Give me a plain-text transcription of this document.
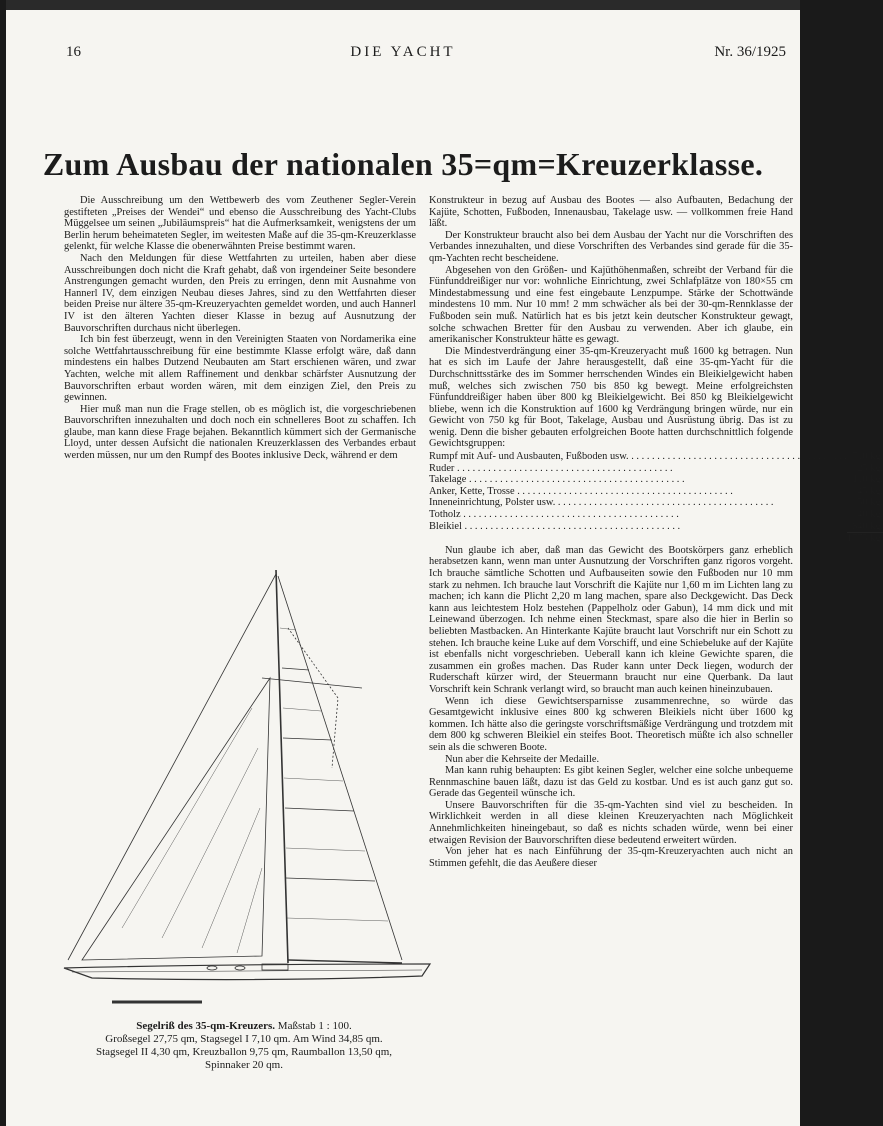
16	DIE YACHT	Nr. 36/1925
Zum Ausbau der nationalen 35=qm=Kreuzerklasse.

Die Ausschreibung um den Wettbewerb des vom Zeuthener Segler-Verein gestifteten „Preises der Wendei“ und ebenso die Ausschreibung des Yacht-Clubs Müggelsee um seinen „Jubiläumspreis“ hat die Aufmerksamkeit, wenigstens der um Berlin herum beheimateten Segler, im weitesten Maße auf die 35-qm-Kreuzerklasse gelenkt, für welche Klasse die obenerwähnten Preise bestimmt waren.

Nach den Meldungen für diese Wettfahrten zu urteilen, haben aber diese Ausschreibungen doch nicht die Kraft gehabt, daß von irgendeiner Seite besondere Anstrengungen gemacht wurden, den Preis zu erringen, denn mit Ausnahme von Hannerl IV, dem einzigen Neubau dieses Jahres, sind zu den Wettfahrten dieser beiden Preise nur ältere 35-qm-Kreuzeryachten gemeldet worden, und auch Hannerl IV ist den älteren Yachten dieser Klasse in bezug auf Ausnutzung der Bauvorschriften durchaus nicht überlegen.

Ich bin fest überzeugt, wenn in den Vereinigten Staaten von Nordamerika eine solche Wettfahrtausschreibung für eine bestimmte Klasse erfolgt wäre, daß dann mindestens ein halbes Dutzend Neubauten am Start erschienen wären, und zwar Yachten, welche mit allem Raffinement und denkbar schärfster Ausnutzung der Bauvorschriften erbaut worden wären, mit dem einzigen Ziel, den Preis zu gewinnen.

Hier muß man nun die Frage stellen, ob es möglich ist, die vorgeschriebenen Bauvorschriften innezuhalten und doch noch ein schnelleres Boot zu schaffen. Ich glaube, man kann diese Frage bejahen. Bekanntlich kümmert sich der Germanische Lloyd, unter dessen Aufsicht die nationalen Kreuzerklassen des Verbandes erbaut werden müssen, nur um den Rumpf des Bootes inklusive Deck, während er dem

Konstrukteur in bezug auf Ausbau des Bootes — also Aufbauten, Bedachung der Kajüte, Schotten, Fußboden, Innenausbau, Takelage usw. — vollkommen freie Hand läßt.

Der Konstrukteur braucht also bei dem Ausbau der Yacht nur die Vorschriften des Verbandes innezuhalten, und diese Vorschriften des Verbandes sind gerade für die 35-qm-Yachten recht bescheidene.

Abgesehen von den Größen- und Kajüthöhenmaßen, schreibt der Verband für die Fünfunddreißiger nur vor: wohnliche Einrichtung, zwei Schlafplätze von 180×55 cm Mindestabmessung und eine fest eingebaute Lenzpumpe. Stärke der Schottwände mindestens 10 mm. Nur 10 mm! 2 mm schwächer als bei der 30-qm-Rennklasse der Fußboden sein muß. Natürlich hat es bis jetzt kein deutscher Konstrukteur gewagt, solche schwachen Bretter für den Ausbau zu verwenden. Aber ich glaube, ein amerikanischer Konstrukteur hätte es gewagt.

Die Mindestverdrängung einer 35-qm-Kreuzeryacht muß 1600 kg betragen. Nun hat es sich im Laufe der Jahre herausgestellt, daß eine 35-qm-Yacht für die Durchschnittsstärke des im Sommer herrschenden Windes ein Bleikielgewicht haben muß, welches sich zwischen 750 bis 850 kg bewegt. Meine erfolgreichsten Fünfunddreißiger haben über 800 kg Bleikielgewicht. Bei 850 kg Bleikielgewicht bliebe, wenn ich die Konstruktion auf 1600 kg Verdrängung bringen würde, nur ein Gewicht von 750 kg für Boot, Takelage, Ausbau und Ausrüstung übrig. Das ist zu wenig. Denn die bisher gebauten erfolgreichen Boote hatten durchschnittlich folgende Gewichtsgruppen:

Rumpf mit Auf- und Ausbauten, Fußboden usw. . . .	710 kg,
Ruder . . .	25 kg,
Takelage . . .	110 kg,
Anker, Kette, Trosse . . .	45 kg,
Inneneinrichtung, Polster usw. . . .	50 kg,
Totholz . . .	40 kg,
Bleikiel . . .	840 kg,
	1775 kg.

Nun glaube ich aber, daß man das Gewicht des Bootskörpers ganz erheblich herabsetzen kann, wenn man unter Ausnutzung der Vorschriften ganz rigoros vorgeht. Ich brauche sämtliche Schotten und Aufbauseiten sowie den Fußboden nur 10 mm stark zu nehmen. Ich brauche laut Vorschrift die Kajüte nur 1,60 m im Lichten lang zu machen; ich kann die Plicht 2,20 m lang machen, spare also Deckgewicht. Das Deck kann aus leichtestem Holz bestehen (Pappelholz oder Gabun), 14 mm dick und mit Leinewand überzogen. Ich nehme einen Steckmast, spare also die hier in Berlin so beliebten Mastbacken. An Hinterkante Kajüte braucht laut Vorschrift nur ein Schott zu stehen. Ich brauche keine Luke auf dem Vorschiff, und eine Schiebeluke auf der Kajüte ist ebenfalls nicht vorgeschrieben. Ueberall kann ich kleine Gewichte sparen, die zusammen ein großes machen. Das Ruder kann unter Deck liegen, wodurch der Ruderschaft kürzer wird, der Steuermann braucht nur eine Querbank. Da laut Vorschrift kein Schrank verlangt wird, so braucht man auch keinen hineinzubauen.

Wenn ich diese Gewichtsersparnisse zusammenrechne, so würde das Gesamtgewicht inklusive eines 800 kg schweren Bleikiels nicht über 1600 kg kommen. Ich hätte also die geringste vorschriftsmäßige Verdrängung und trotzdem mit dem 800 kg schweren Bleikiel ein steifes Boot. Theoretisch müßte ich also schneller sein als die schweren Boote.

Nun aber die Kehrseite der Medaille.

Man kann ruhig behaupten: Es gibt keinen Segler, welcher eine solche unbequeme Rennmaschine bauen läßt, dazu ist das Geld zu kostbar. Und es ist auch ganz gut so. Gerade das Gegenteil wünsche ich.

Unsere Bauvorschriften für die 35-qm-Yachten sind viel zu bescheiden. In Wirklichkeit werden in all diese kleinen Kreuzeryachten nach Möglichkeit Annehmlichkeiten hineingebaut, so daß es nichts schaden würde, wenn bei einer etwaigen Revision der Bauvorschriften diese bedeutend erweitert würden.

Von jeher hat es nach Einführung der 35-qm-Kreuzeryachten auch nicht an Stimmen gefehlt, die das Aeußere dieser

Segelriß des 35-qm-Kreuzers. Maßstab 1 : 100.
Großsegel 27,75 qm, Stagsegel I 7,10 qm. Am Wind 34,85 qm.
Stagsegel II 4,30 qm, Kreuzballon 9,75 qm, Raumballon 13,50 qm,
Spinnaker 20 qm.
